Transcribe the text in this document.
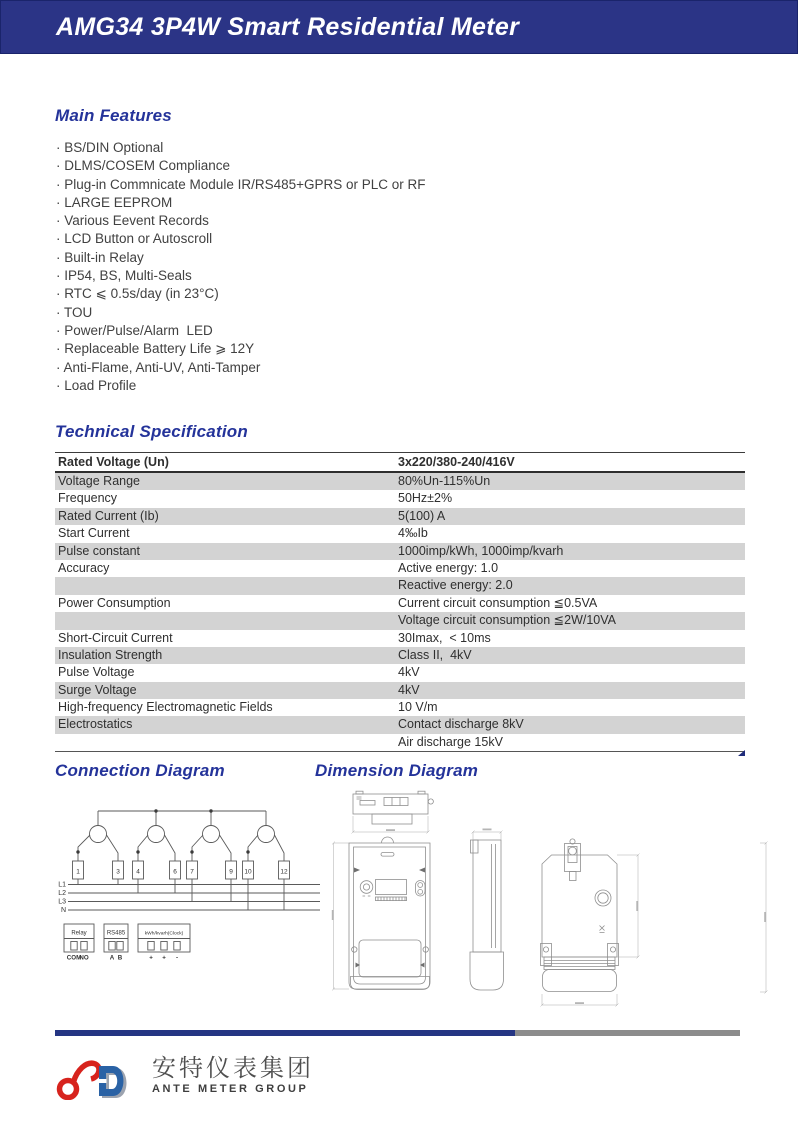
AMG34 3P4W Smart Residential Meter
Main Features
· BS/DIN Optional
· DLMS/COSEM Compliance
· Plug-in Commnicate Module IR/RS485+GPRS or PLC or RF
· LARGE EEPROM
· Various Eevent Records
· LCD Button or Autoscroll
· Built-in Relay
· IP54, BS, Multi-Seals
· RTC ⩽ 0.5s/day (in 23°C)
· TOU
· Power/Pulse/Alarm  LED
· Replaceable Battery Life ⩾ 12Y
· Anti-Flame, Anti-UV, Anti-Tamper
· Load Profile
Technical Specification
Rated Voltage (Un)	3x220/380-240/416V
Voltage Range	80%Un-115%Un
Frequency	50Hz±2%
Rated Current (Ib)	5(100) A
Start Current	4‰Ib
Pulse constant	1000imp/kWh, 1000imp/kvarh
Accuracy	Active energy: 1.0
Reactive energy: 2.0
Power Consumption	Current circuit consumption ≦0.5VA
Voltage circuit consumption ≦2W/10VA
Short-Circuit Current	30Imax,  < 10ms
Insulation Strength	Class II,  4kV
Pulse Voltage	4kV
Surge Voltage	4kV
High-frequency Electromagnetic Fields	10 V/m
Electrostatics	Contact discharge 8kV
Air discharge 15kV
Connection Diagram	Dimension Diagram
1	3	4	6 7	9 10	12
L1
L2
L3
N
Relay
COM
NO
RS485
A B
kWh/kvarh(Clock)
+ + -
安特仪表集团
ANTE METER GROUP
